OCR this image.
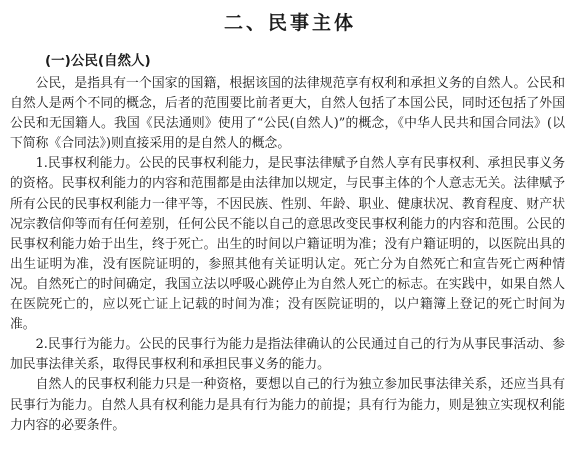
二、民事主体
(一)公民(自然人)

公民，是指具有一个国家的国籍，根据该国的法律规范享有权利和承担义务的自然人。公民和自然人是两个不同的概念，后者的范围要比前者更大，自然人包括了本国公民，同时还包括了外国公民和无国籍人。我国《民法通则》使用了“公民(自然人)”的概念，《中华人民共和国合同法》(以下简称《合同法》)则直接采用的是自然人的概念。

1.民事权利能力。公民的民事权利能力，是民事法律赋予自然人享有民事权利、承担民事义务的资格。民事权利能力的内容和范围都是由法律加以规定，与民事主体的个人意志无关。法律赋予所有公民的民事权利能力一律平等，不因民族、性别、年龄、职业、健康状况、教育程度、财产状况宗教信仰等而有任何差别，任何公民不能以自己的意思改变民事权利能力的内容和范围。公民的民事权利能力始于出生，终于死亡。出生的时间以户籍证明为准；没有户籍证明的，以医院出具的出生证明为准，没有医院证明的，参照其他有关证明认定。死亡分为自然死亡和宣告死亡两种情况。自然死亡的时间确定，我国立法以呼吸心跳停止为自然人死亡的标志。在实践中，如果自然人在医院死亡的，应以死亡证上记载的时间为准；没有医院证明的，以户籍簿上登记的死亡时间为准。

2.民事行为能力。公民的民事行为能力是指法律确认的公民通过自己的行为从事民事活动、参加民事法律关系，取得民事权利和承担民事义务的能力。

自然人的民事权利能力只是一种资格，要想以自己的行为独立参加民事法律关系，还应当具有民事行为能力。自然人具有权利能力是具有行为能力的前提；具有行为能力，则是独立实现权利能力内容的必要条件。
